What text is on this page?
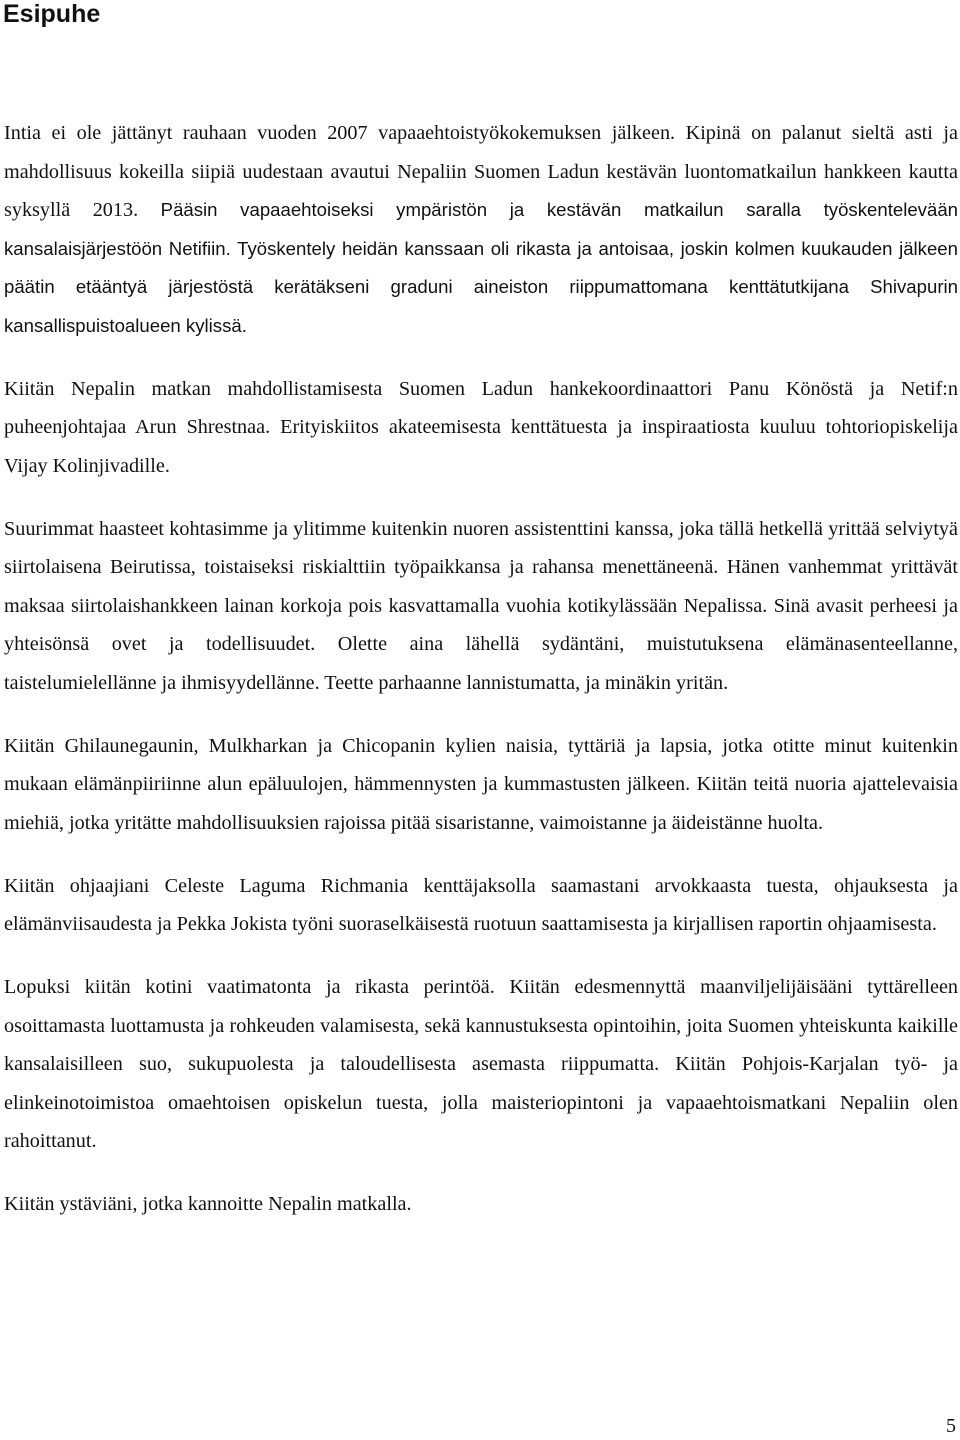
Esipuhe

Intia ei ole jättänyt rauhaan vuoden 2007 vapaaehtoistyökokemuksen jälkeen. Kipinä on palanut sieltä asti ja mahdollisuus kokeilla siipiä uudestaan avautui Nepaliin Suomen Ladun kestävän luontomatkailun hankkeen kautta syksyllä 2013. Pääsin vapaaehtoiseksi ympäristön ja kestävän matkailun saralla työskentelevään kansalaisjärjestöön Netifiin. Työskentely heidän kanssaan oli rikasta ja antoisaa, joskin kolmen kuukauden jälkeen päätin etääntyä järjestöstä kerätäkseni graduni aineiston riippumattomana kenttätutkijana Shivapurin kansallispuistoalueen kylissä.

Kiitän Nepalin matkan mahdollistamisesta Suomen Ladun hankekoordinaattori Panu Könöstä ja Netif:n puheenjohtajaa Arun Shrestnaa. Erityiskiitos akateemisesta kenttätuesta ja inspiraatiosta kuuluu tohtoriopiskelija Vijay Kolinjivadille.

Suurimmat haasteet kohtasimme ja ylitimme kuitenkin nuoren assistenttini kanssa, joka tällä hetkellä yrittää selviytyä siirtolaisena Beirutissa, toistaiseksi riskialttiin työpaikkansa ja rahansa menettäneenä. Hänen vanhemmat yrittävät maksaa siirtolaishankkeen lainan korkoja pois kasvattamalla vuohia kotikylässään Nepalissa. Sinä avasit perheesi ja yhteisönsä ovet ja todellisuudet. Olette aina lähellä sydäntäni, muistutuksena elämänasenteellanne, taistelumielellänne ja ihmisyydellänne. Teette parhaanne lannistumatta, ja minäkin yritän.

Kiitän Ghilaunegaunin, Mulkharkan ja Chicopanin kylien naisia, tyttäriä ja lapsia, jotka otitte minut kuitenkin mukaan elämänpiiriinne alun epäluulojen, hämmennysten ja kummastusten jälkeen. Kiitän teitä nuoria ajattelevaisia miehiä, jotka yritätte mahdollisuuksien rajoissa pitää sisaristanne, vaimoistanne ja äideistänne huolta.

Kiitän ohjaajiani Celeste Laguma Richmania kenttäjaksolla saamastani arvokkaasta tuesta, ohjauksesta ja elämänviisaudesta ja Pekka Jokista työni suoraselkäisestä ruotuun saattamisesta ja kirjallisen raportin ohjaamisesta.

Lopuksi kiitän kotini vaatimatonta ja rikasta perintöä. Kiitän edesmennyttä maanviljelijäisääni tyttärelleen osoittamasta luottamusta ja rohkeuden valamisesta, sekä kannustuksesta opintoihin, joita Suomen yhteiskunta kaikille kansalaisilleen suo, sukupuolesta ja taloudellisesta asemasta riippumatta. Kiitän Pohjois-Karjalan työ- ja elinkeinotoimistoa omaehtoisen opiskelun tuesta, jolla maisteriopintoni ja vapaaehtoismatkani Nepaliin olen rahoittanut.

Kiitän ystäviäni, jotka kannoitte Nepalin matkalla.

5
